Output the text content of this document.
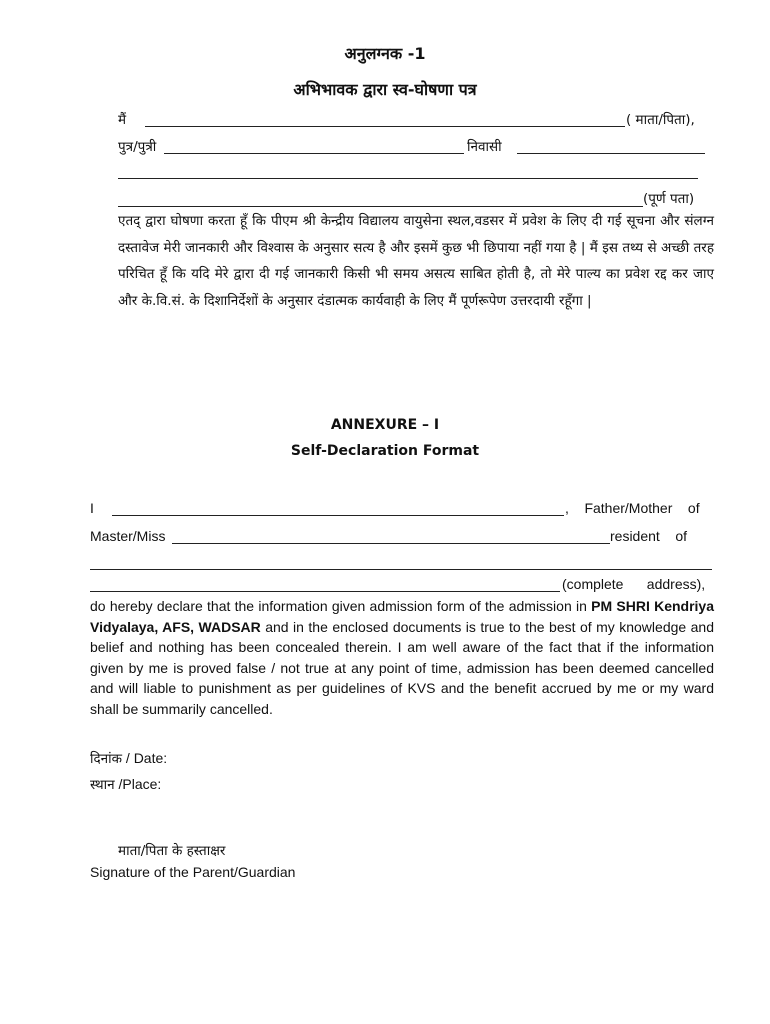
अनुलग्नक -1
अभिभावक द्वारा स्व-घोषणा पत्र
मैं	( माता/पिता),
पुत्र/पुत्री	निवासी
(पूर्ण पता)
एतद् द्वारा घोषणा करता हूँ कि पीएम श्री केन्द्रीय विद्यालय वायुसेना स्थल,वडसर में प्रवेश के लिए दी गई सूचना और संलग्न दस्तावेज मेरी जानकारी और विश्वास के अनुसार सत्य है और इसमें कुछ भी छिपाया नहीं गया है | मैं इस तथ्य से अच्छी तरह परिचित हूँ कि यदि मेरे द्वारा दी गई जानकारी किसी भी समय असत्य साबित होती है, तो मेरे पाल्य का प्रवेश रद्द कर जाए और के.वि.सं. के दिशानिर्देशों के अनुसार दंडात्मक कार्यवाही के लिए मैं पूर्णरूपेण उत्तरदायी रहूँगा |
ANNEXURE – I
Self-Declaration Format
I	,    Father/Mother    of
Master/Miss	resident    of
(complete      address),
do hereby declare that the information given admission form of the admission in PM SHRI Kendriya Vidyalaya, AFS, WADSAR and in the enclosed documents is true to the best of my knowledge and belief and nothing has been concealed therein. I am well aware of the fact that if the information given by me is proved false / not true at any point of time, admission has been deemed cancelled and will liable to punishment as per guidelines of KVS and the benefit accrued by me or my ward shall be summarily cancelled.
दिनांक / Date:
स्थान /Place:
माता/पिता के हस्ताक्षर
Signature of the Parent/Guardian
